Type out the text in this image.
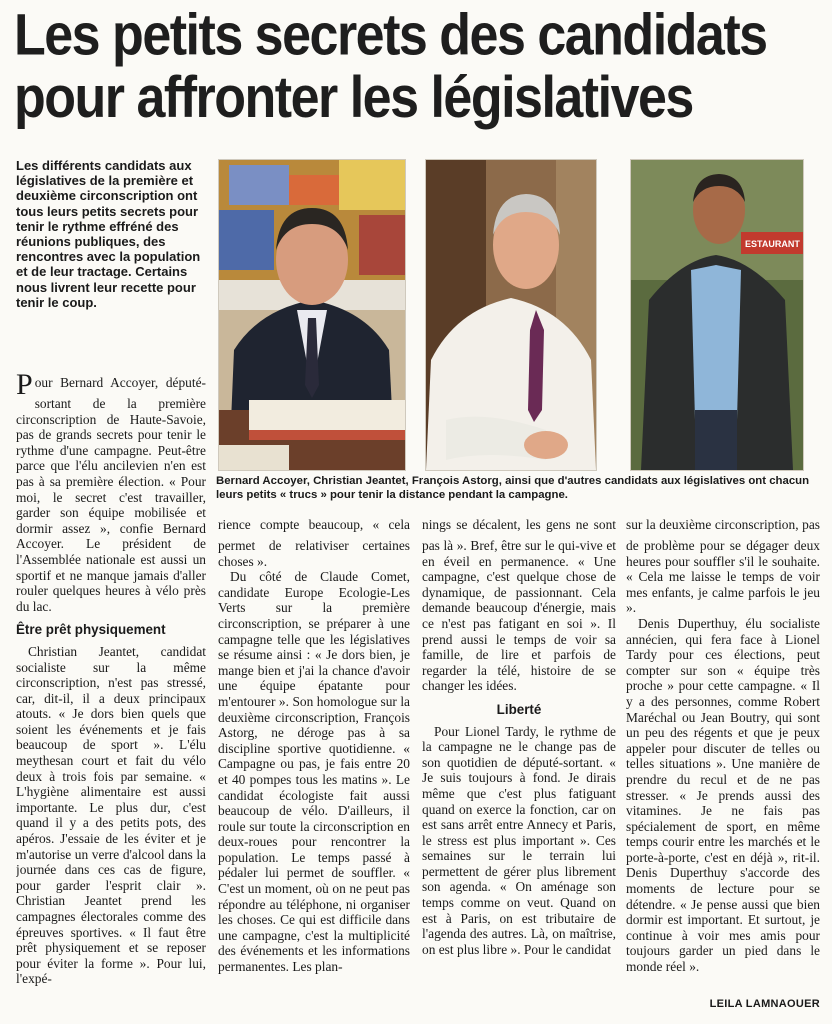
Les petits secrets des candidats pour affronter les législatives

Les différents candidats aux législatives de la première et deuxième circonscription ont tous leurs petits secrets pour tenir le rythme effréné des réunions publiques, des rencontres avec la population et de leur tractage. Certains nous livrent leur recette pour tenir le coup.

ESTAURANT

Bernard Accoyer, Christian Jeantet, François Astorg, ainsi que d'autres candidats aux législatives ont chacun leurs petits « trucs » pour tenir la distance pendant la campagne.

Pour Bernard Accoyer, député-sortant de la première circonscription de Haute-Savoie, pas de grands secrets pour tenir le rythme d'une campagne. Peut-être parce que l'élu ancilevien n'en est pas à sa première élection. « Pour moi, le secret c'est travailler, garder son équipe mobilisée et dormir assez », confie Bernard Accoyer. Le président de l'Assemblée nationale est aussi un sportif et ne manque jamais d'aller rouler quelques heures à vélo près du lac.

Être prêt physiquement

Christian Jeantet, candidat socialiste sur la même circonscription, n'est pas stressé, car, dit-il, il a deux principaux atouts. « Je dors bien quels que soient les événements et je fais beaucoup de sport ». L'élu meythesan court et fait du vélo deux à trois fois par semaine. « L'hygiène alimentaire est aussi importante. Le plus dur, c'est quand il y a des petits pots, des apéros. J'essaie de les éviter et je m'autorise un verre d'alcool dans la journée dans ces cas de figure, pour garder l'esprit clair ». Christian Jeantet prend les campagnes électorales comme des épreuves sportives. « Il faut être prêt physiquement et se reposer pour éviter la forme ». Pour lui, l'expé-

rience compte beaucoup, « cela permet de relativiser certaines choses ».

Du côté de Claude Comet, candidate Europe Ecologie-Les Verts sur la première circonscription, se préparer à une campagne telle que les législatives se résume ainsi : « Je dors bien, je mange bien et j'ai la chance d'avoir une équipe épatante pour m'entourer ». Son homologue sur la deuxième circonscription, François Astorg, ne déroge pas à sa discipline sportive quotidienne. « Campagne ou pas, je fais entre 20 et 40 pompes tous les matins ». Le candidat écologiste fait aussi beaucoup de vélo. D'ailleurs, il roule sur toute la circonscription en deux-roues pour rencontrer la population. Le temps passé à pédaler lui permet de souffler. « C'est un moment, où on ne peut pas répondre au téléphone, ni organiser les choses. Ce qui est difficile dans une campagne, c'est la multiplicité des événements et les informations permanentes. Les plan-

nings se décalent, les gens ne sont pas là ». Bref, être sur le qui-vive et en éveil en permanence. « Une campagne, c'est quelque chose de dynamique, de passionnant. Cela demande beaucoup d'énergie, mais ce n'est pas fatigant en soi ». Il prend aussi le temps de voir sa famille, de lire et parfois de regarder la télé, histoire de se changer les idées.

Liberté

Pour Lionel Tardy, le rythme de la campagne ne le change pas de son quotidien de député-sortant. « Je suis toujours à fond. Je dirais même que c'est plus fatiguant quand on exerce la fonction, car on est sans arrêt entre Annecy et Paris, le stress est plus important ». Ces semaines sur le terrain lui permettent de gérer plus librement son agenda. « On aménage son temps comme on veut. Quand on est à Paris, on est tributaire de l'agenda des autres. Là, on maîtrise, on est plus libre ». Pour le candidat

sur la deuxième circonscription, pas de problème pour se dégager deux heures pour souffler s'il le souhaite. « Cela me laisse le temps de voir mes enfants, je calme parfois le jeu ».

Denis Duperthuy, élu socialiste annécien, qui fera face à Lionel Tardy pour ces élections, peut compter sur son « équipe très proche » pour cette campagne. « Il y a des personnes, comme Robert Maréchal ou Jean Boutry, qui sont un peu des régents et que je peux appeler pour discuter de telles ou telles situations ». Une manière de prendre du recul et de ne pas stresser. « Je prends aussi des vitamines. Je ne fais pas spécialement de sport, en même temps courir entre les marchés et le porte-à-porte, c'est en déjà », rit-il. Denis Duperthuy s'accorde des moments de lecture pour se détendre. « Je pense aussi que bien dormir est important. Et surtout, je continue à voir mes amis pour toujours garder un pied dans le monde réel ».

LEILA LAMNAOUER
